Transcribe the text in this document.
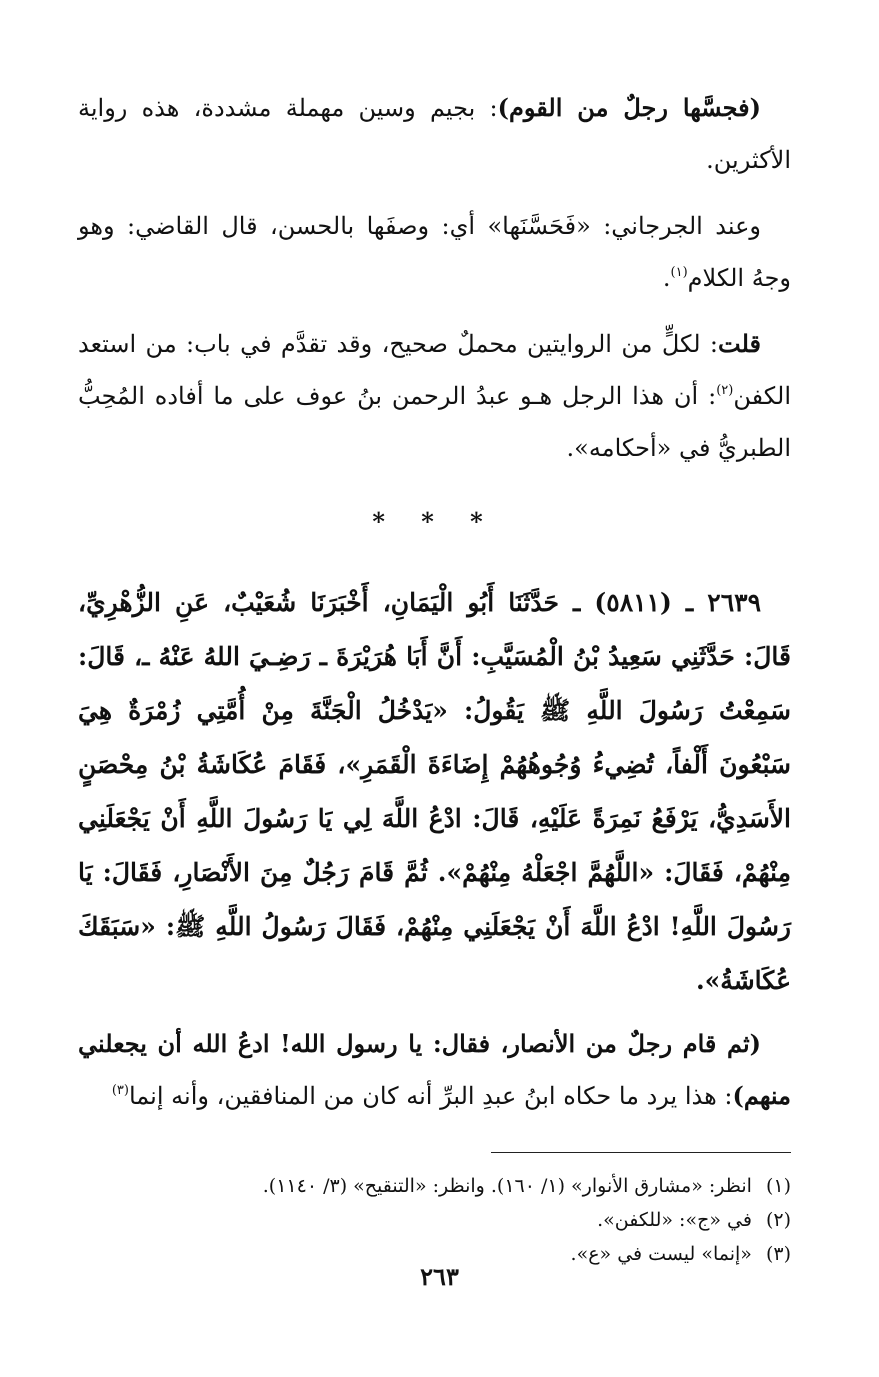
(فجسَّها رجلٌ من القوم): بجيم وسين مهملة مشددة، هذه رواية الأكثرين.

وعند الجرجاني: «فَحَسَّنَها» أي: وصفَها بالحسن، قال القاضي: وهو وجهُ الكلام$^{(١)}$.

قلت: لكلٍّ من الروايتين محملٌ صحيح، وقد تقدَّم في باب: من استعد الكفن$^{(٢)}$: أن هذا الرجل هـو عبدُ الرحمن بنُ عوف على ما أفاده المُحِبُّ الطبريُّ في «أحكامه».

* * *

٢٦٣٩ ـ (٥٨١١) ـ حَدَّثَنَا أَبُو الْيَمَانِ، أَخْبَرَنَا شُعَيْبٌ، عَنِ الزُّهْرِيِّ، قَالَ: حَدَّثَنِي سَعِيدُ بْنُ الْمُسَيَّبِ: أَنَّ أَبَا هُرَيْرَةَ ـ رَضِـيَ اللهُ عَنْهُ ـ، قَالَ: سَمِعْتُ رَسُولَ اللَّهِ ﷺ يَقُولُ: «يَدْخُلُ الْجَنَّةَ مِنْ أُمَّتِي زُمْرَةٌ هِيَ سَبْعُونَ أَلْفاً، تُضِيءُ وُجُوهُهُمْ إِضَاءَةَ الْقَمَرِ»، فَقَامَ عُكَاشَةُ بْنُ مِحْصَنٍ الأَسَدِيُّ، يَرْفَعُ نَمِرَةً عَلَيْهِ، قَالَ: ادْعُ اللَّهَ لِي يَا رَسُولَ اللَّهِ أَنْ يَجْعَلَنِي مِنْهُمْ، فَقَالَ: «اللَّهُمَّ اجْعَلْهُ مِنْهُمْ». ثُمَّ قَامَ رَجُلٌ مِنَ الأَنْصَارِ، فَقَالَ: يَا رَسُولَ اللَّهِ! ادْعُ اللَّهَ أَنْ يَجْعَلَنِي مِنْهُمْ، فَقَالَ رَسُولُ اللَّهِ ﷺ: «سَبَقَكَ عُكَاشَةُ».

(ثم قام رجلٌ من الأنصار، فقال: يا رسول الله! ادعُ الله أن يجعلني منهم): هذا يرد ما حكاه ابنُ عبدِ البرِّ أنه كان من المنافقين، وأنه إنما$^{(٣)}$

(١)
انظر: «مشارق الأنوار» (١/ ١٦٠). وانظر: «التنقيح» (٣/ ١١٤٠).
(٢)
في «ج»: «للكفن».
(٣)
«إنما» ليست في «ع».
٢٦٣
